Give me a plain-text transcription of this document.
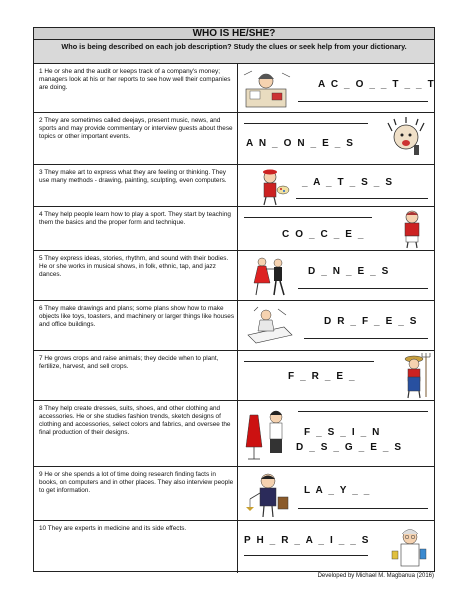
WHO IS HE/SHE?
Who is being described on each job description? Study the clues or seek help from your dictionary.
1 He or she and the audit or keeps track of a company's money; managers look at his or her reports to see how well their companies are doing.	A C _ O _ _ T _ _ T
2 They are sometimes called deejays, present music, news, and sports and may provide commentary or interview guests about these topics or other important events.
A N _ O N _ E _ S
3 They make art to express what they are feeling or thinking. They use many methods - drawing, painting, sculpting, even computers.	_ A _ T _ S _ S
4 They help people learn how to play a sport. They start by teaching them the basics and the proper form and technique.
C O _ C _ E _
5 They express ideas, stories, rhythm, and sound with their bodies. He or she works in musical shows, in folk, ethnic, tap, and jazz dances.	D _ N _ E _ S
6 They make drawings and plans; some plans show how to make objects like toys, toasters, and machinery or larger things like houses and office buildings.	D R _ F _ E _ S
7 He grows crops and raise animals; they decide when to plant, fertilize, harvest, and sell crops.
F _ R _ E _
8 They help create dresses, suits, shoes, and other clothing and accessories. He or she studies fashion trends, sketch designs of clothing and accessories, select colors and fabrics, and oversee the final production of their designs.	F _ S _ I _ N
D _ S _ G _ E _ S
9 He or she spends a lot of time doing research finding facts in books, on computers and in other places. They also interview people to get information.	L A _ Y _ _
10 They are experts in medicine and its side effects.
P H _ R _ A _ I _ _ S
Developed by Michael M. Magbanua (2016)
